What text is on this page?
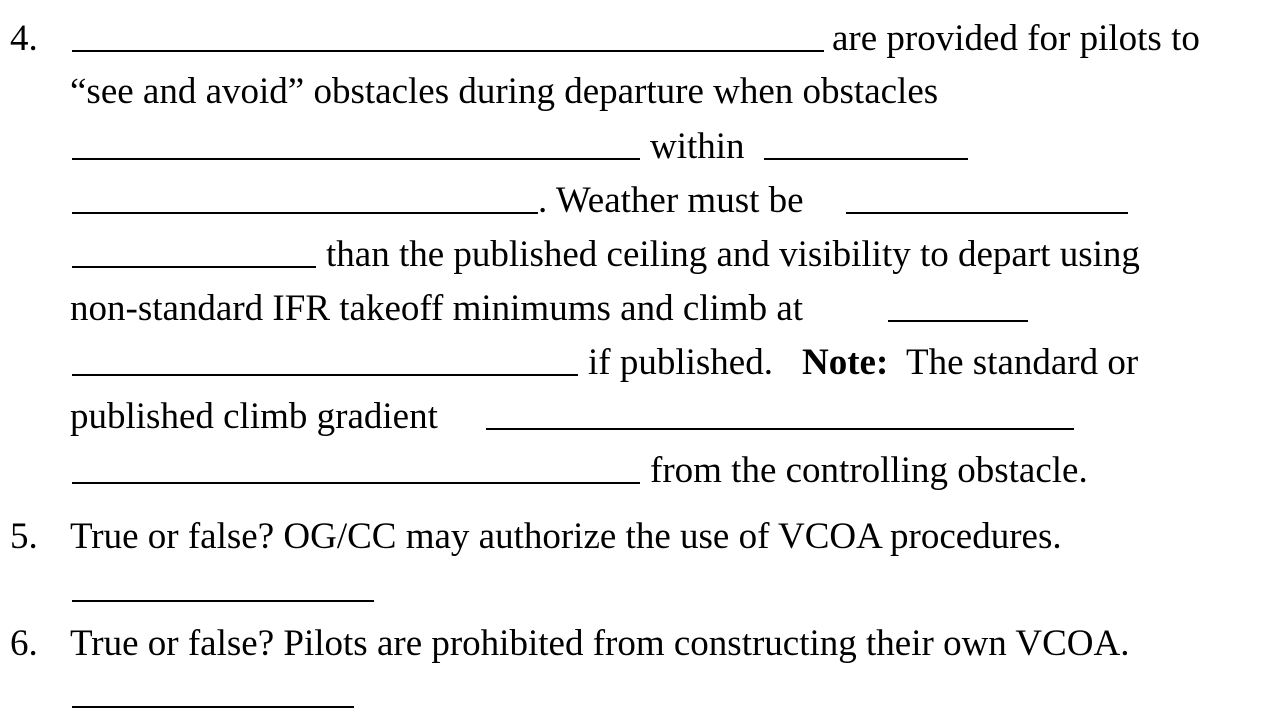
4.	are provided for pilots to
“see and avoid” obstacles during departure when obstacles
within
. Weather must be
than the published ceiling and visibility to depart using
non-standard IFR takeoff minimums and climb at
if published. Note: The standard or
published climb gradient
from the controlling obstacle.
5. True or false? OG/CC may authorize the use of VCOA procedures.
6. True or false? Pilots are prohibited from constructing their own VCOA.
